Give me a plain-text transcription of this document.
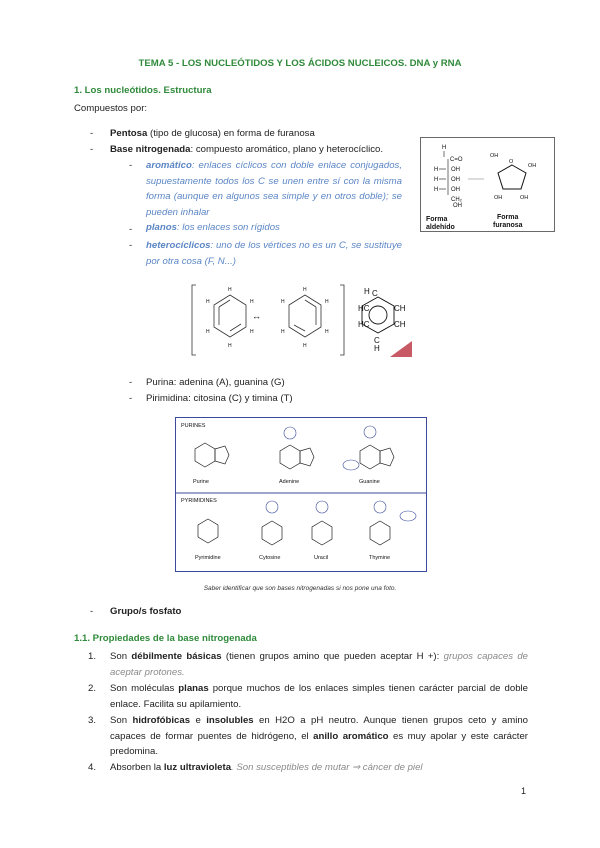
TEMA 5 - LOS NUCLEÓTIDOS Y LOS ÁCIDOS NUCLEICOS. DNA y RNA
1. Los nucleótidos. Estructura
Compuestos por:
- Pentosa (tipo de glucosa) en forma de furanosa
- Base nitrogenada: compuesto aromático, plano y heterocíclico.
- aromático: enlaces cíclicos con doble enlace conjugados, supuestamente todos los C se unen entre sí con la misma forma (aunque en algunos sea simple y en otros doble); se pueden inhalar
- planos: los enlaces son rígidos
- heterocíclicos: uno de los vértices no es un C, se sustituye por otra cosa (F, N...)
H
C=O
H OH
H OH
H OH
CH₂
OH
O
OH
OH
OH	OH
Forma
aldehído
Forma
furanosa
↔
H
H
H
H
H
H
H
H
H
H
H
H
H C
HC	CH
HC	CH
C
H
- Purina: adenina (A), guanina (G)
- Pirimidina: citosina (C) y timina (T)
PURINES
PYRIMIDINES
Purine	Adenine	Guanine
Pyrimidine	Cytosine	Uracil	Thymine
Saber identificar que son bases nitrogenadas si nos pone una foto.
- Grupo/s fosfato
1.1. Propiedades de la base nitrogenada
1. Son débilmente básicas (tienen grupos amino que pueden aceptar H +): grupos capaces de aceptar protones.
2. Son moléculas planas porque muchos de los enlaces simples tienen carácter parcial de doble enlace. Facilita su apilamiento.
3. Son hidrofóbicas e insolubles en H2O a pH neutro. Aunque tienen grupos ceto y amino capaces de formar puentes de hidrógeno, el anillo aromático es muy apolar y este carácter predomina.
4. Absorben la luz ultravioleta. Son susceptibles de mutar ⇒ cáncer de piel
1
